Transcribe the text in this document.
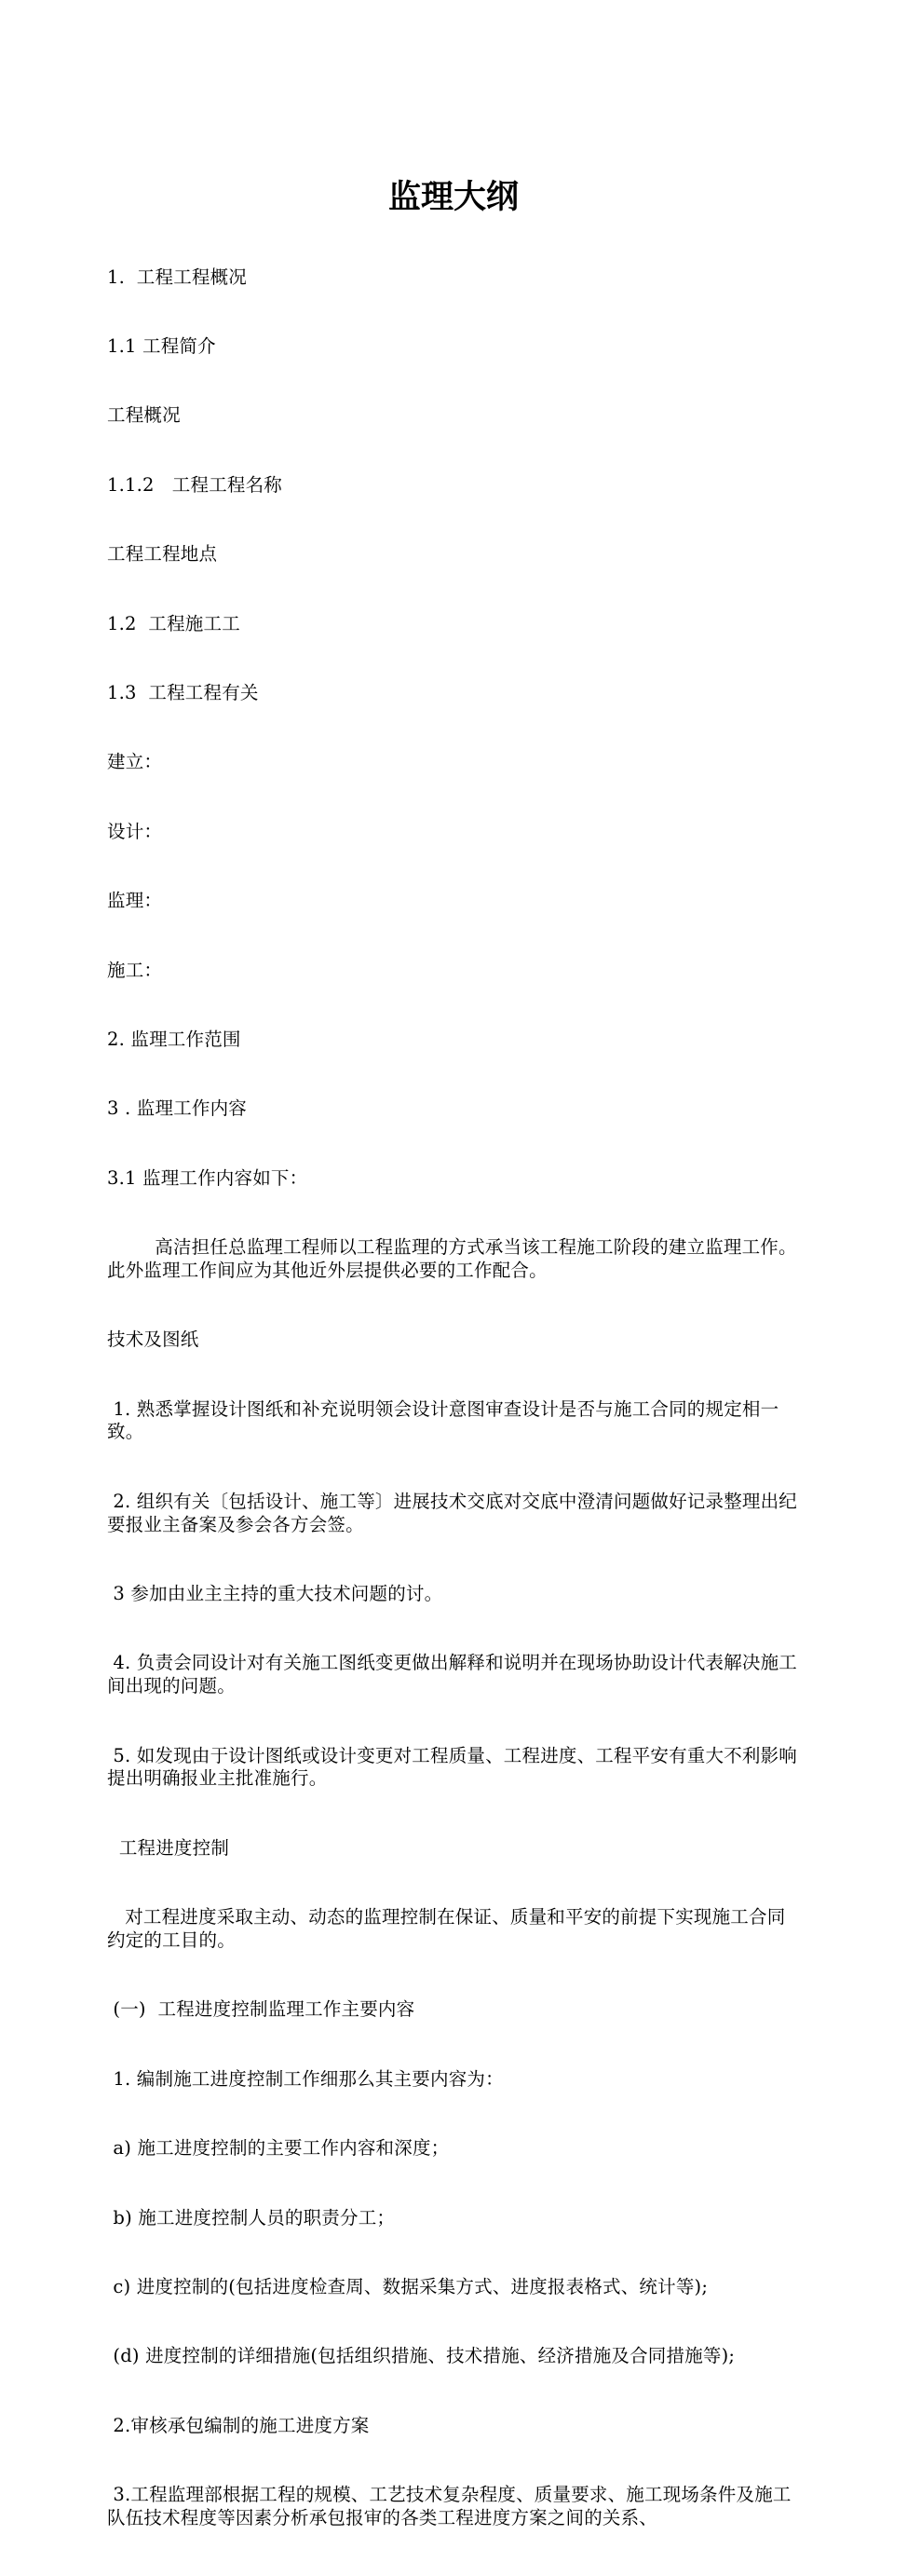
监理大纲

1.  工程工程概况

1.1 工程简介

工程概况

1.1.2   工程工程名称

工程工程地点

1.2  工程施工工

1.3  工程工程有关

建立：

设计：

监理：

施工：

2. 监理工作范围

3 . 监理工作内容

3.1 监理工作内容如下：

高洁担任总监理工程师以工程监理的方式承当该工程施工阶段的建立监理工作。此外监理工作间应为其他近外层提供必要的工作配合。

技术及图纸

1. 熟悉掌握设计图纸和补充说明领会设计意图审查设计是否与施工合同的规定相一致。

2. 组织有关〔包括设计、施工等〕进展技术交底对交底中澄清问题做好记录整理出纪要报业主备案及参会各方会签。

3 参加由业主主持的重大技术问题的讨。

4. 负责会同设计对有关施工图纸变更做出解释和说明并在现场协助设计代表解决施工间出现的问题。

5. 如发现由于设计图纸或设计变更对工程质量、工程进度、工程平安有重大不利影响提出明确报业主批准施行。

工程进度控制

对工程进度采取主动、动态的监理控制在保证、质量和平安的前提下实现施工合同约定的工目的。

(一)  工程进度控制监理工作主要内容

1. 编制施工进度控制工作细那么其主要内容为：

a) 施工进度控制的主要工作内容和深度；

b) 施工进度控制人员的职责分工；

c) 进度控制的(包括进度检查周、数据采集方式、进度报表格式、统计等);

(d) 进度控制的详细措施(包括组织措施、技术措施、经济措施及合同措施等);

2.审核承包编制的施工进度方案

3.工程监理部根据工程的规模、工艺技术复杂程度、质量要求、施工现场条件及施工队伍技术程度等因素分析承包报审的各类工程进度方案之间的关系、
